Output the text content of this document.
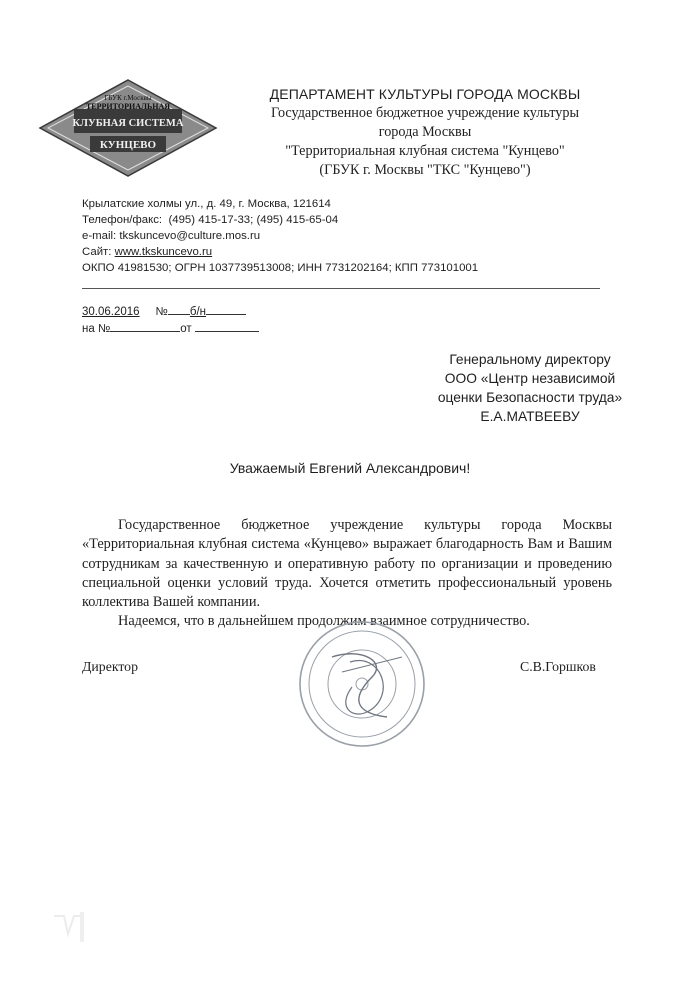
ГБУК г.Москвы
ТЕРРИТОРИАЛЬНАЯ
КЛУБНАЯ СИСТЕМА
КУНЦЕВО
ДЕПАРТАМЕНТ КУЛЬТУРЫ ГОРОДА МОСКВЫ
Государственное бюджетное учреждение культуры
города Москвы
"Территориальная клубная система "Кунцево"
(ГБУК г. Москвы "ТКС "Кунцево")
Крылатские холмы ул., д. 49, г. Москва, 121614
Телефон/факс: (495) 415-17-33; (495) 415-65-04
e-mail: tkskuncevo@culture.mos.ru
Сайт: www.tkskuncevo.ru
ОКПО 41981530; ОГРН 1037739513008; ИНН 7731202164; КПП 773101001
30.06.2016 № б/н
на №	от
Генеральному директору
ООО «Центр независимой
оценки Безопасности труда»
Е.А.МАТВЕЕВУ
Уважаемый Евгений Александрович!

Государственное бюджетное учреждение культуры города Москвы «Территориальная клубная система «Кунцево» выражает благодарность Вам и Вашим сотрудникам за качественную и оперативную работу по организации и проведению специальной оценки условий труда. Хочется отметить профессиональный уровень коллектива Вашей компании.

Надеемся, что в дальнейшем продолжим взаимное сотрудничество.

Директор	С.В.Горшков
